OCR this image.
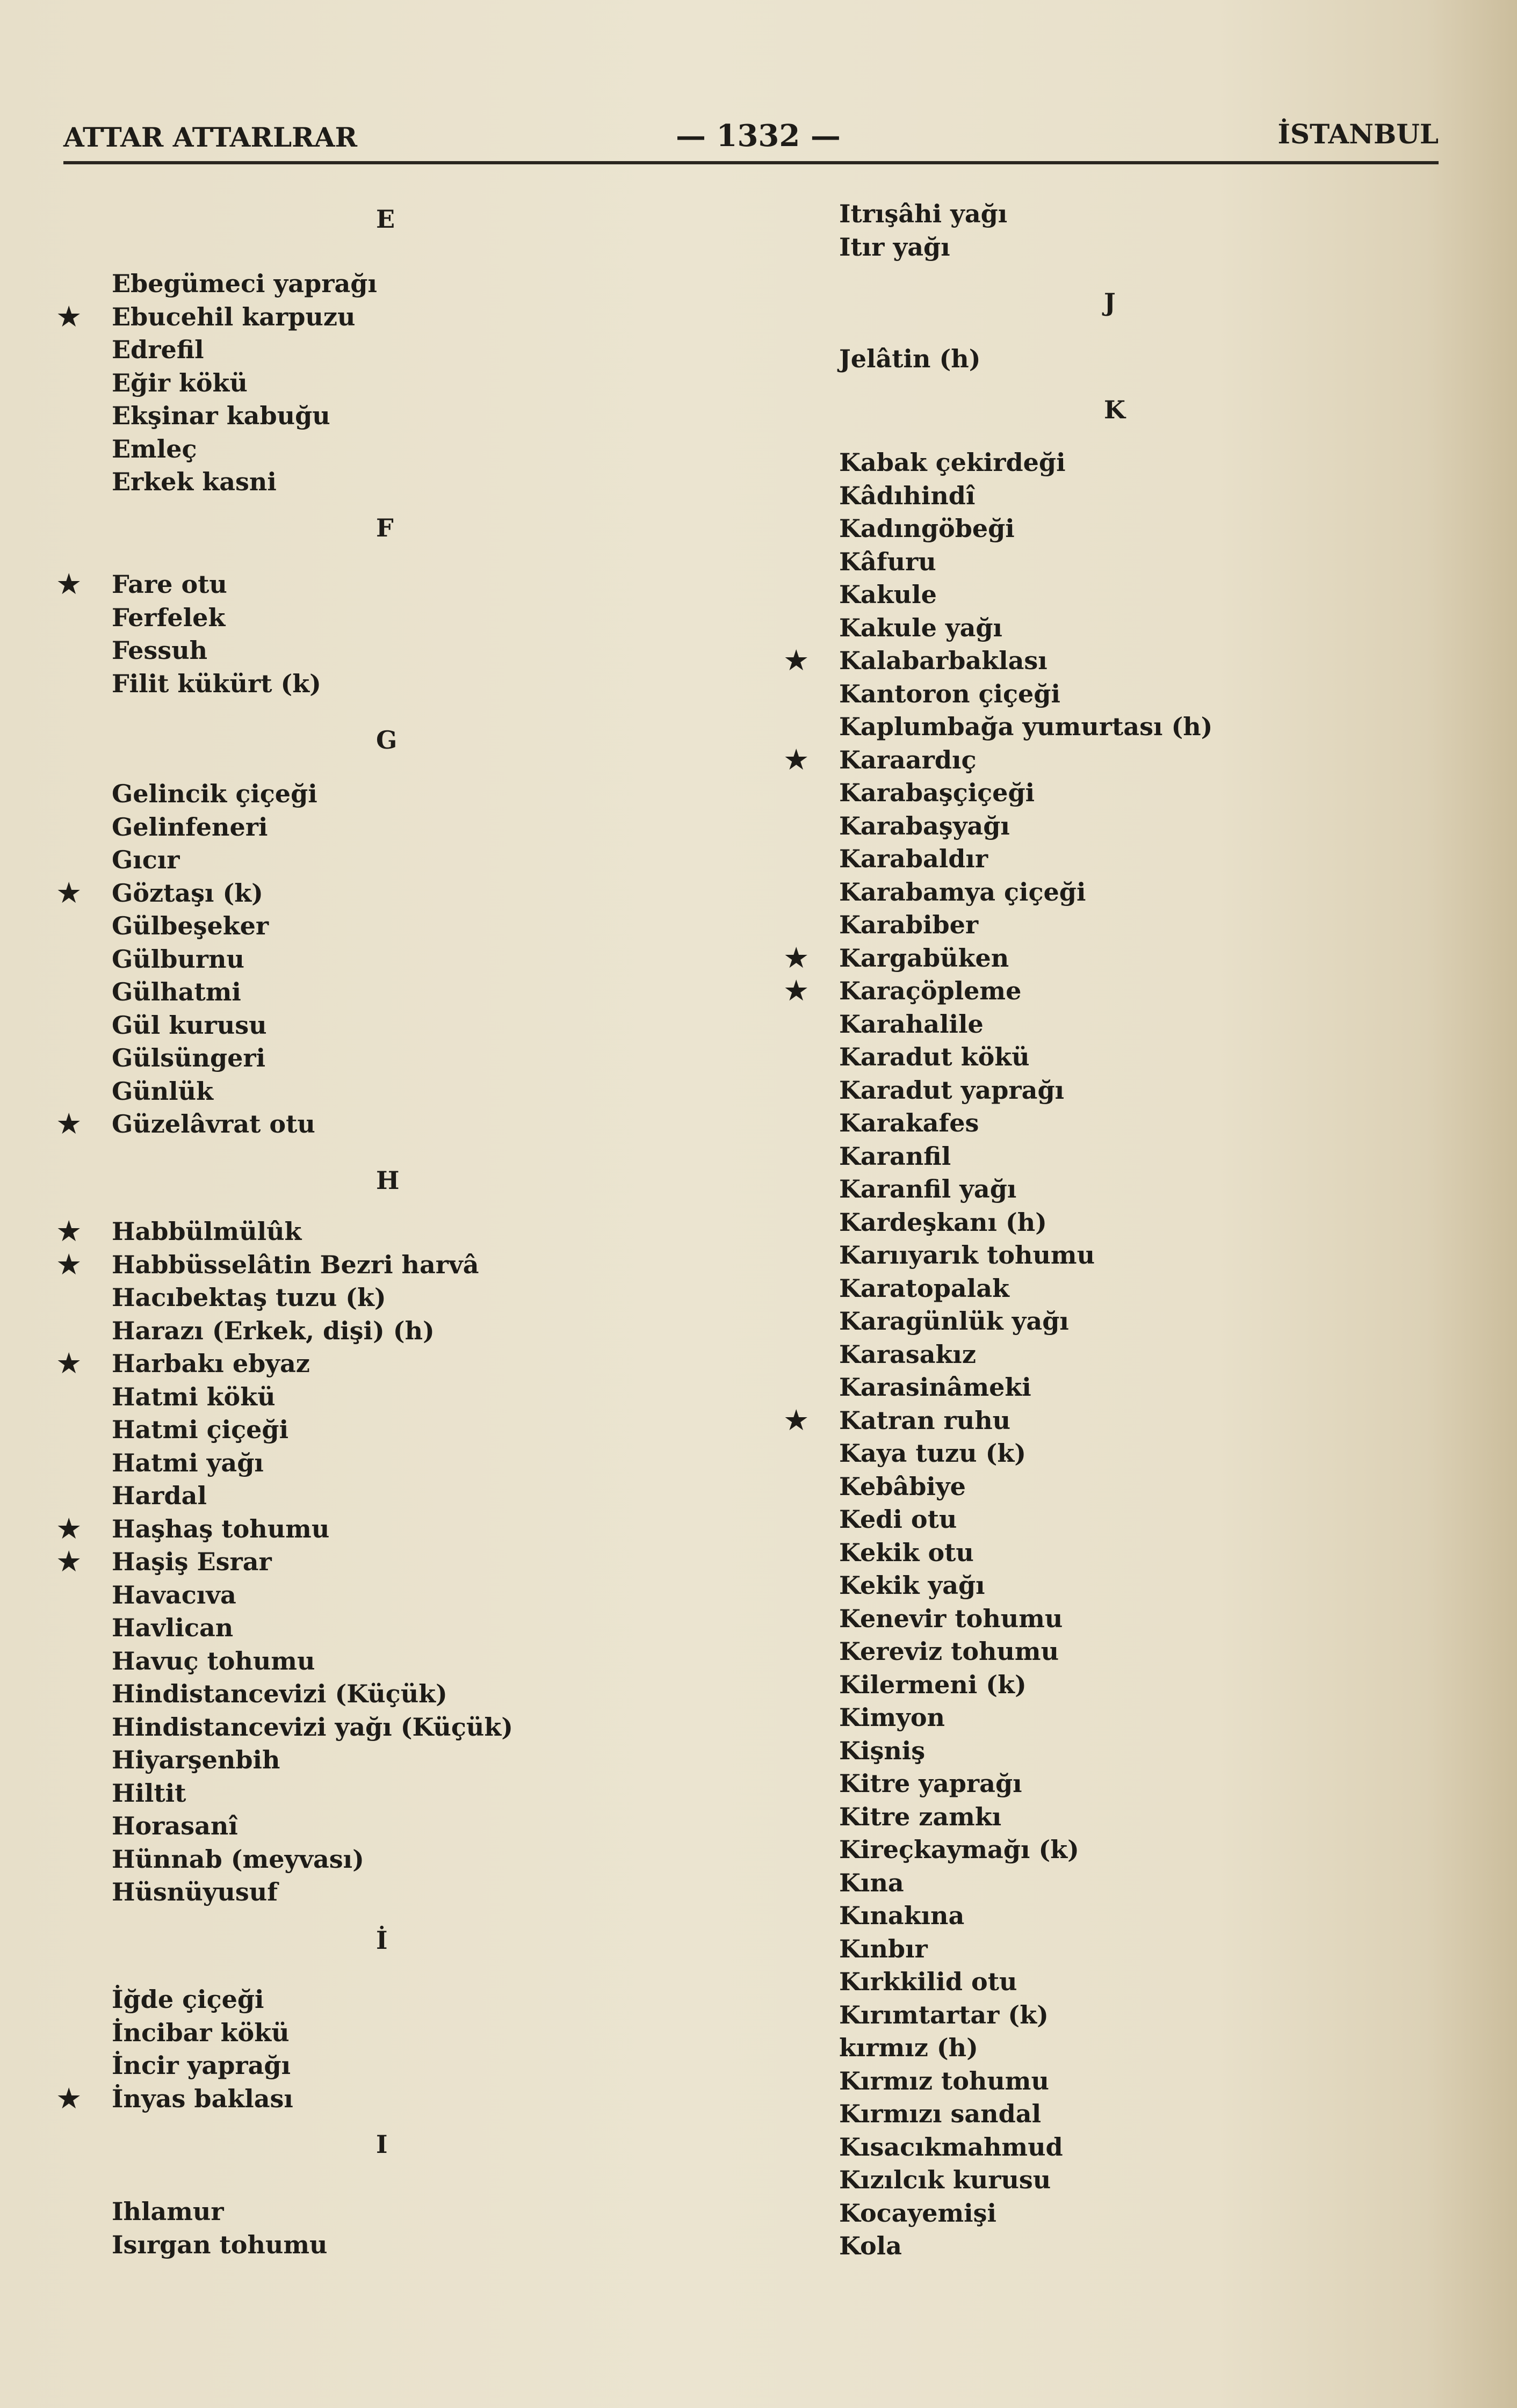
ATTAR ATTARLRAR	— 1332 —	İSTANBUL
E
Ebegümeci yaprağı
Ebucehil karpuzu
★
Edrefil
Eğir kökü
Ekşinar kabuğu
Emleç
Erkek kasni
F
Fare otu
★
Ferfelek
Fessuh
Filit kükürt (k)
G
Gelincik çiçeği
Gelinfeneri
Gıcır
Göztaşı (k)
★
Gülbeşeker
Gülburnu
Gülhatmi
Gül kurusu
Gülsüngeri
Günlük
Güzelâvrat otu
★
H
Habbülmülûk
★
Habbüsselâtin Bezri harvâ
★
Hacıbektaş tuzu (k)
Harazı (Erkek, dişi) (h)
Harbakı ebyaz
★
Hatmi kökü
Hatmi çiçeği
Hatmi yağı
Hardal
Haşhaş tohumu
★
Haşiş Esrar
★
Havacıva
Havlican
Havuç tohumu
Hindistancevizi (Küçük)
Hindistancevizi yağı (Küçük)
Hiyarşenbih
Hiltit
Horasanî
Hünnab (meyvası)
Hüsnüyusuf
İ
İğde çiçeği
İncibar kökü
İncir yaprağı
İnyas baklası
★
I
Ihlamur
Isırgan tohumu
Itrışâhi yağı
Itır yağı
J
Jelâtin (h)
K
Kabak çekirdeği
Kâdıhindî
Kadıngöbeği
Kâfuru
Kakule
Kakule yağı
Kalabarbaklası
★
Kantoron çiçeği
Kaplumbağa yumurtası (h)
Karaardıç
★
Karabaşçiçeği
Karabaşyağı
Karabaldır
Karabamya çiçeği
Karabiber
Kargabüken
★
Karaçöpleme
★
Karahalile
Karadut kökü
Karadut yaprağı
Karakafes
Karanfil
Karanfil yağı
Kardeşkanı (h)
Karııyarık tohumu
Karatopalak
Karagünlük yağı
Karasakız
Karasinâmeki
Katran ruhu
★
Kaya tuzu (k)
Kebâbiye
Kedi otu
Kekik otu
Kekik yağı
Kenevir tohumu
Kereviz tohumu
Kilermeni (k)
Kimyon
Kişniş
Kitre yaprağı
Kitre zamkı
Kireçkaymağı (k)
Kına
Kınakına
Kınbır
Kırkkilid otu
Kırımtartar (k)
kırmız (h)
Kırmız tohumu
Kırmızı sandal
Kısacıkmahmud
Kızılcık kurusu
Kocayemişi
Kola
